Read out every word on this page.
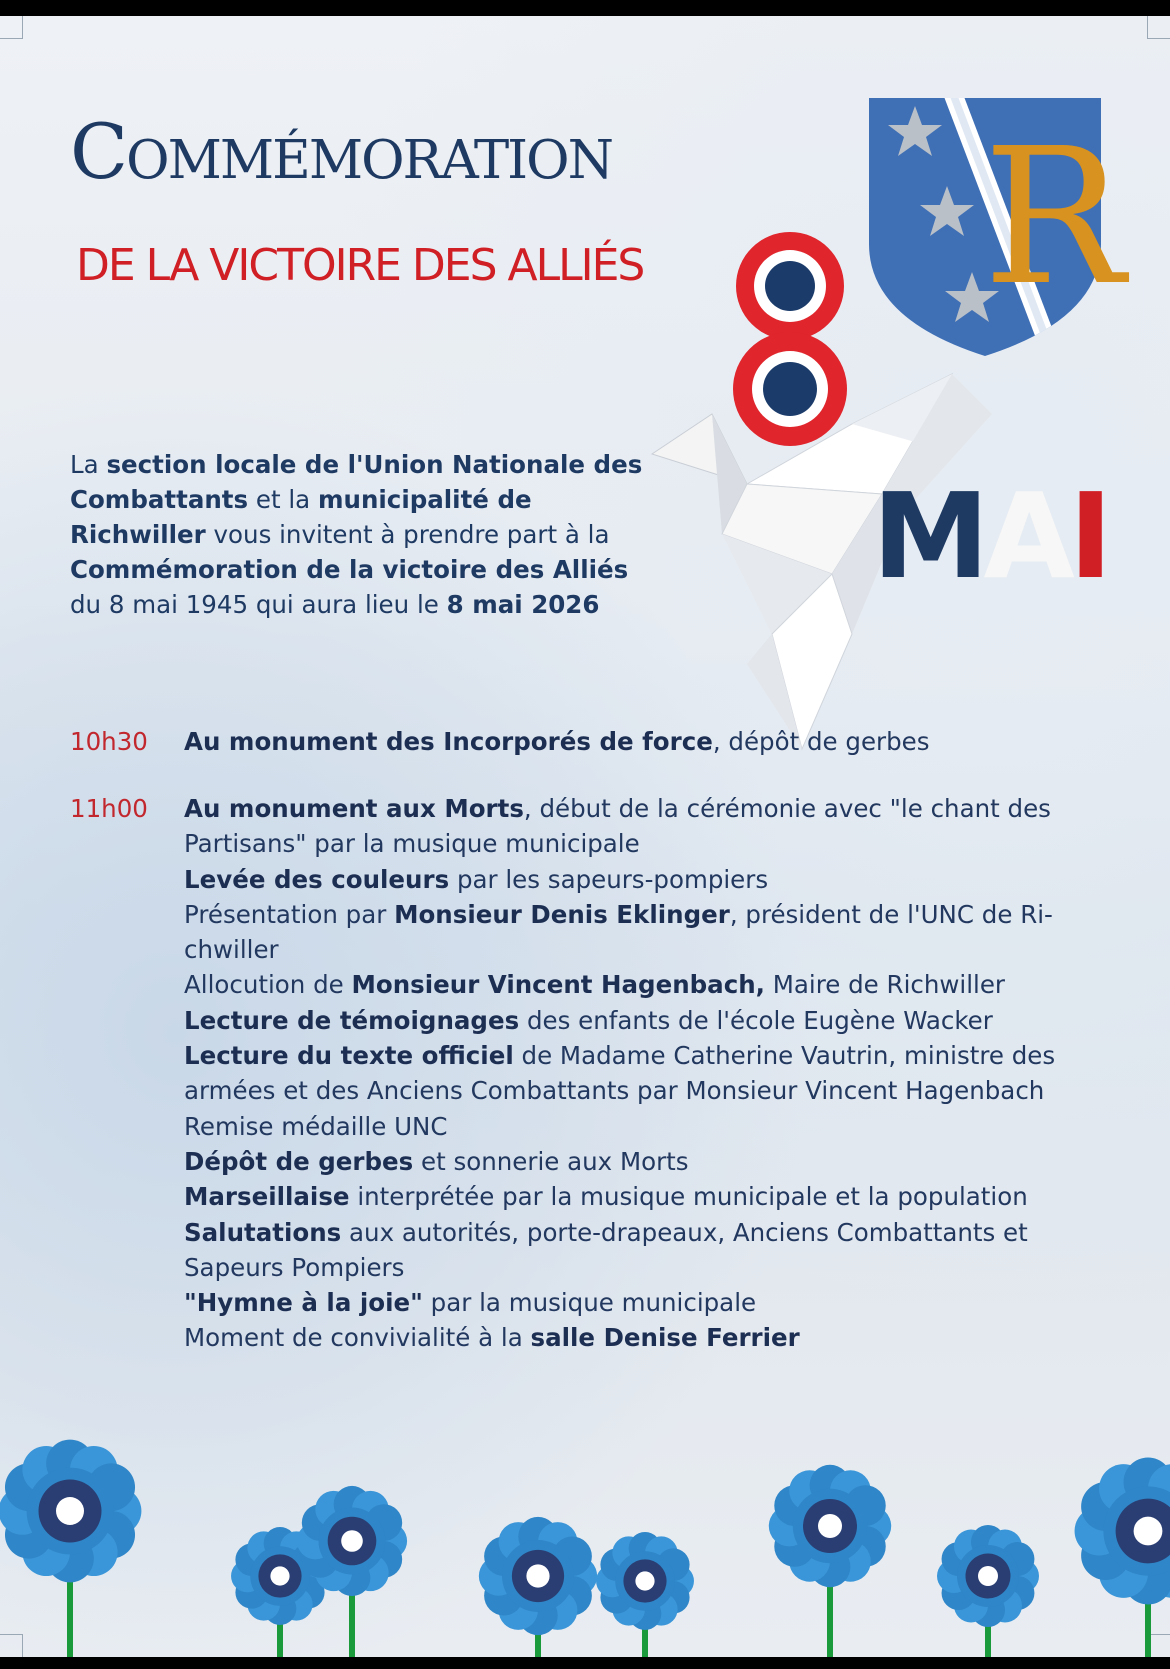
Commémoration
DE LA VICTOIRE DES ALLIÉS	R
MAI
La section locale de l'Union Nationale des
Combattants et la municipalité de
Richwiller vous invitent à prendre part à la
Commémoration de la victoire des Alliés
du 8 mai 1945 qui aura lieu le 8 mai 2026
10h30 Au monument des Incorporés de force, dépôt de gerbes
11h00 Au monument aux Morts, début de la cérémonie avec "le chant des
Partisans" par la musique municipale
Levée des couleurs par les sapeurs-pompiers
Présentation par Monsieur Denis Eklinger, président de l'UNC de Ri-
chwiller
Allocution de Monsieur Vincent Hagenbach, Maire de Richwiller
Lecture de témoignages des enfants de l'école Eugène Wacker
Lecture du texte officiel de Madame Catherine Vautrin, ministre des
armées et des Anciens Combattants par Monsieur Vincent Hagenbach
Remise médaille UNC
Dépôt de gerbes et sonnerie aux Morts
Marseillaise interprétée par la musique municipale et la population
Salutations aux autorités, porte-drapeaux, Anciens Combattants et
Sapeurs Pompiers
"Hymne à la joie" par la musique municipale
Moment de convivialité à la salle Denise Ferrier
